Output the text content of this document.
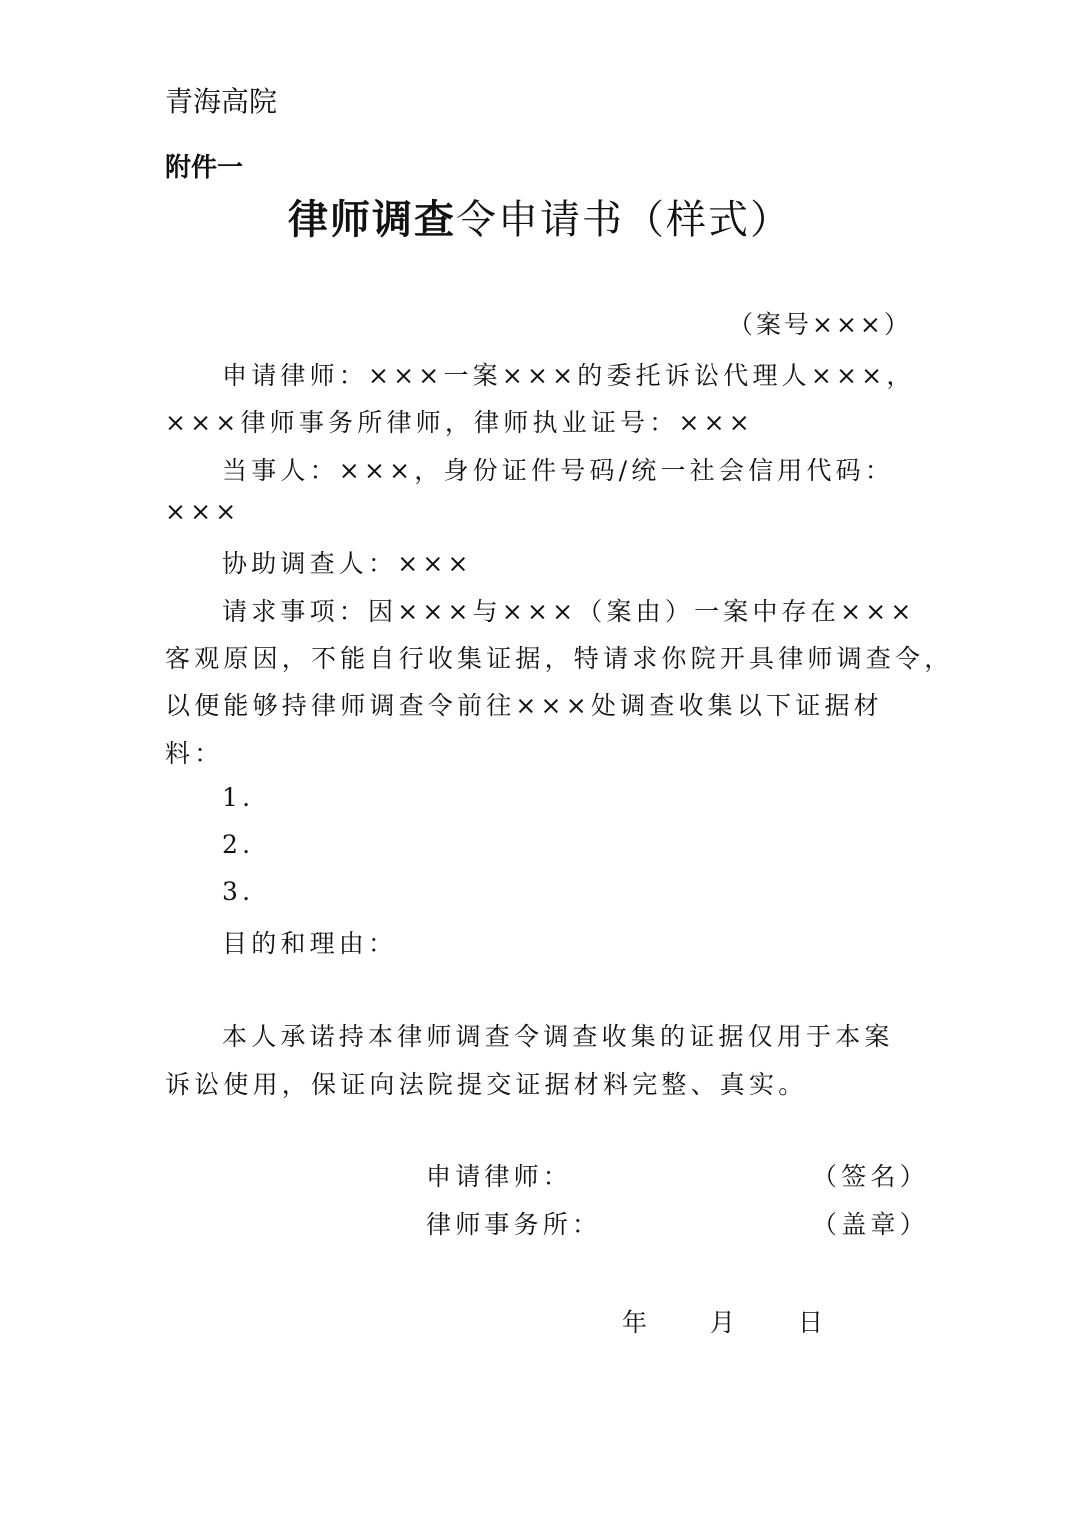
青海高院
附件一
律师调查令申请书（样式）
（案号×××）
申请律师：×××一案×××的委托诉讼代理人×××，
×××律师事务所律师，律师执业证号：×××
当事人：×××，身份证件号码/统一社会信用代码：
×××
协助调查人：×××
请求事项：因×××与×××（案由）一案中存在×××
客观原因，不能自行收集证据，特请求你院开具律师调查令，
以便能够持律师调查令前往×××处调查收集以下证据材
料：
1.
2.
3.
目的和理由：
本人承诺持本律师调查令调查收集的证据仅用于本案
诉讼使用，保证向法院提交证据材料完整、真实。
申请律师：	（签名）
律师事务所：	（盖章）
年	月	日
